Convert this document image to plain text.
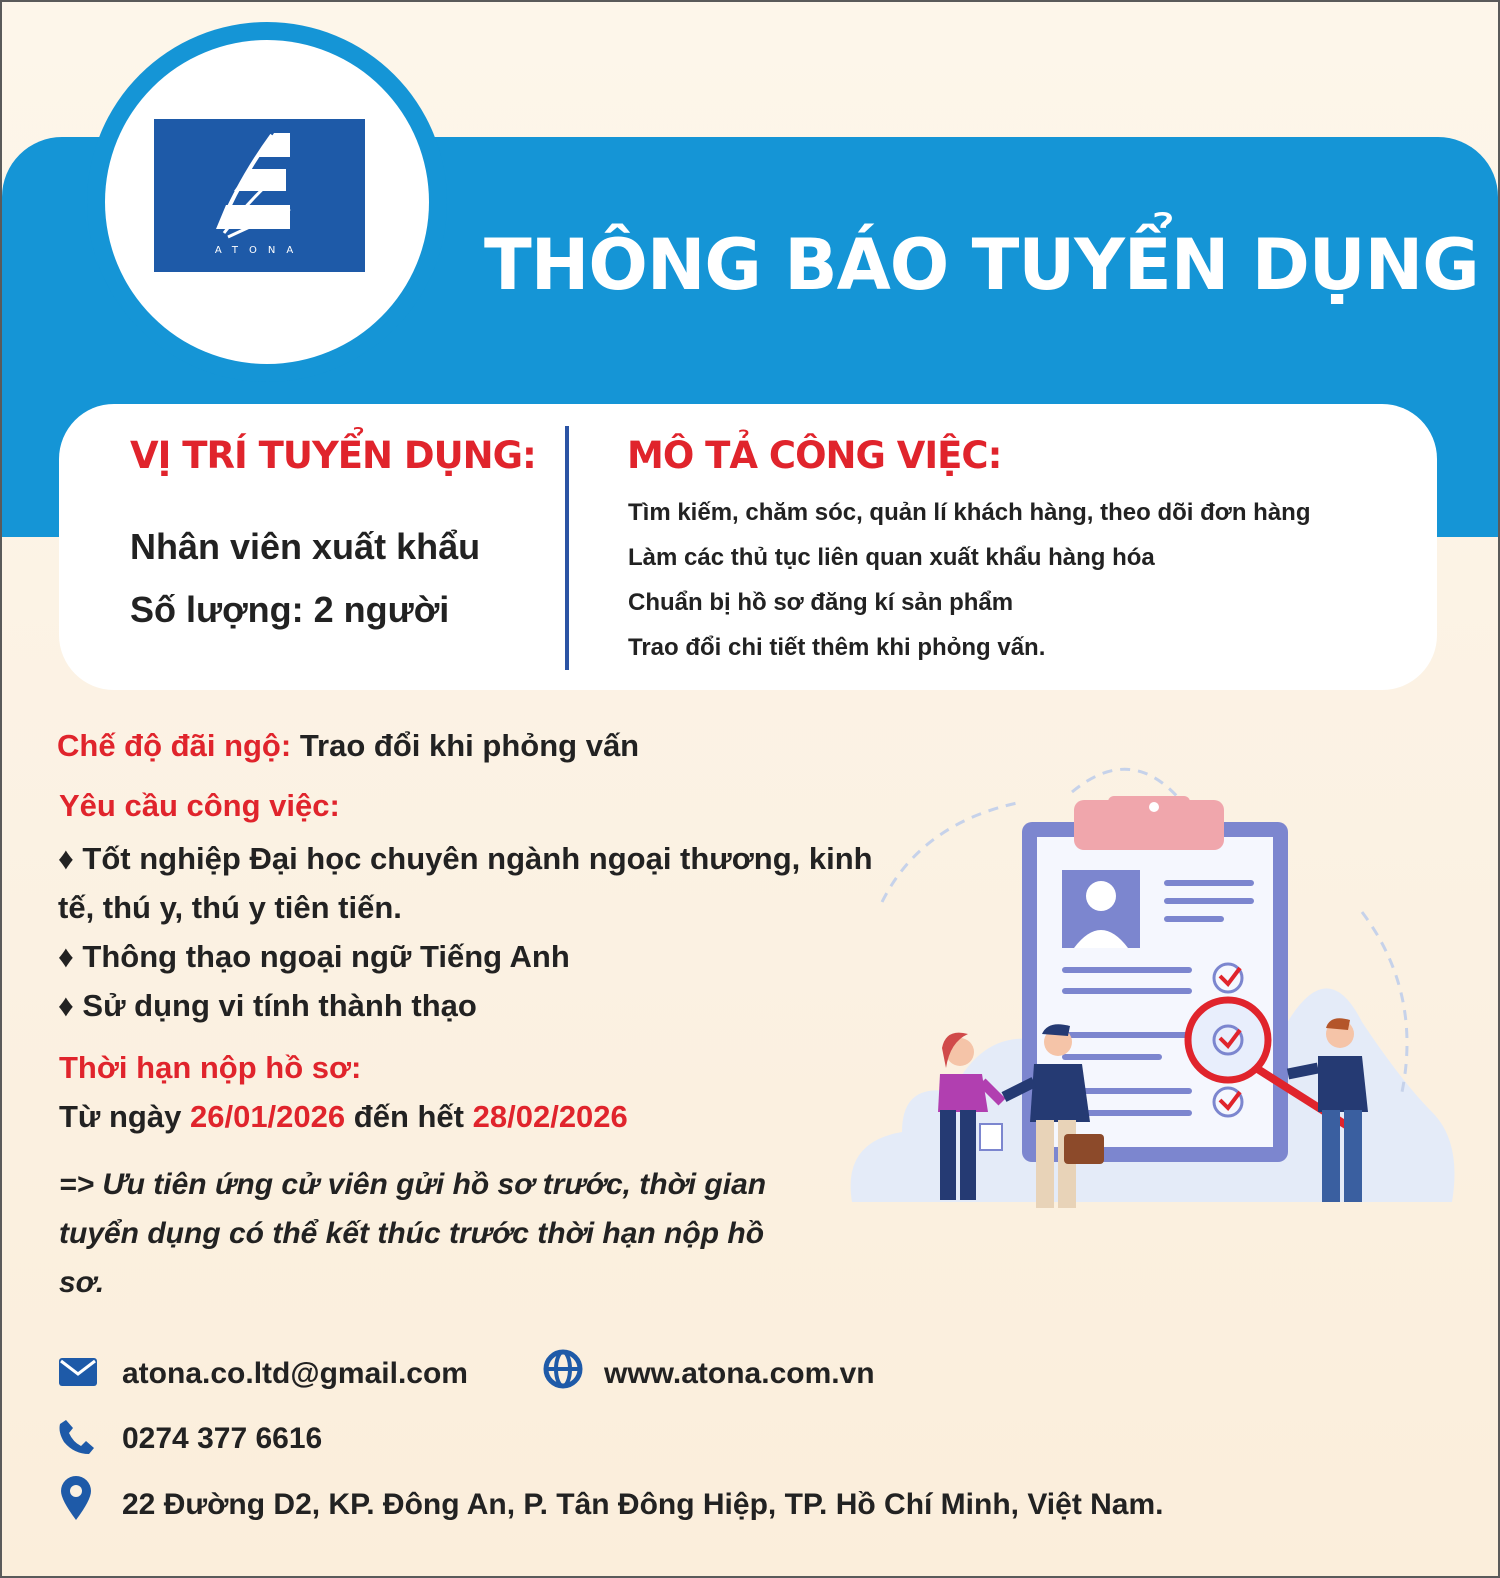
ATONA	THÔNG BÁO TUYỂN DỤNG
VỊ TRÍ TUYỂN DỤNG:
Nhân viên xuất khẩu
Số lượng: 2 người
MÔ TẢ CÔNG VIỆC:
Tìm kiếm, chăm sóc, quản lí khách hàng, theo dõi đơn hàng
Làm các thủ tục liên quan xuất khẩu hàng hóa
Chuẩn bị hồ sơ đăng kí sản phẩm
Trao đổi chi tiết thêm khi phỏng vấn.
Chế độ đãi ngộ: Trao đổi khi phỏng vấn
Yêu cầu công việc:
♦ Tốt nghiệp Đại học chuyên ngành ngoại thương, kinh tế, thú y, thú y tiên tiến.
♦ Thông thạo ngoại ngữ Tiếng Anh
♦ Sử dụng vi tính thành thạo
Thời hạn nộp hồ sơ:
Từ ngày 26/01/2026 đến hết 28/02/2026

=> Ưu tiên ứng cử viên gửi hồ sơ trước, thời gian tuyển dụng có thể kết thúc trước thời hạn nộp hồ sơ.

atona.co.ltd@gmail.com	www.atona.com.vn
0274 377 6616
22 Đường D2, KP. Đông An, P. Tân Đông Hiệp, TP. Hồ Chí Minh, Việt Nam.
